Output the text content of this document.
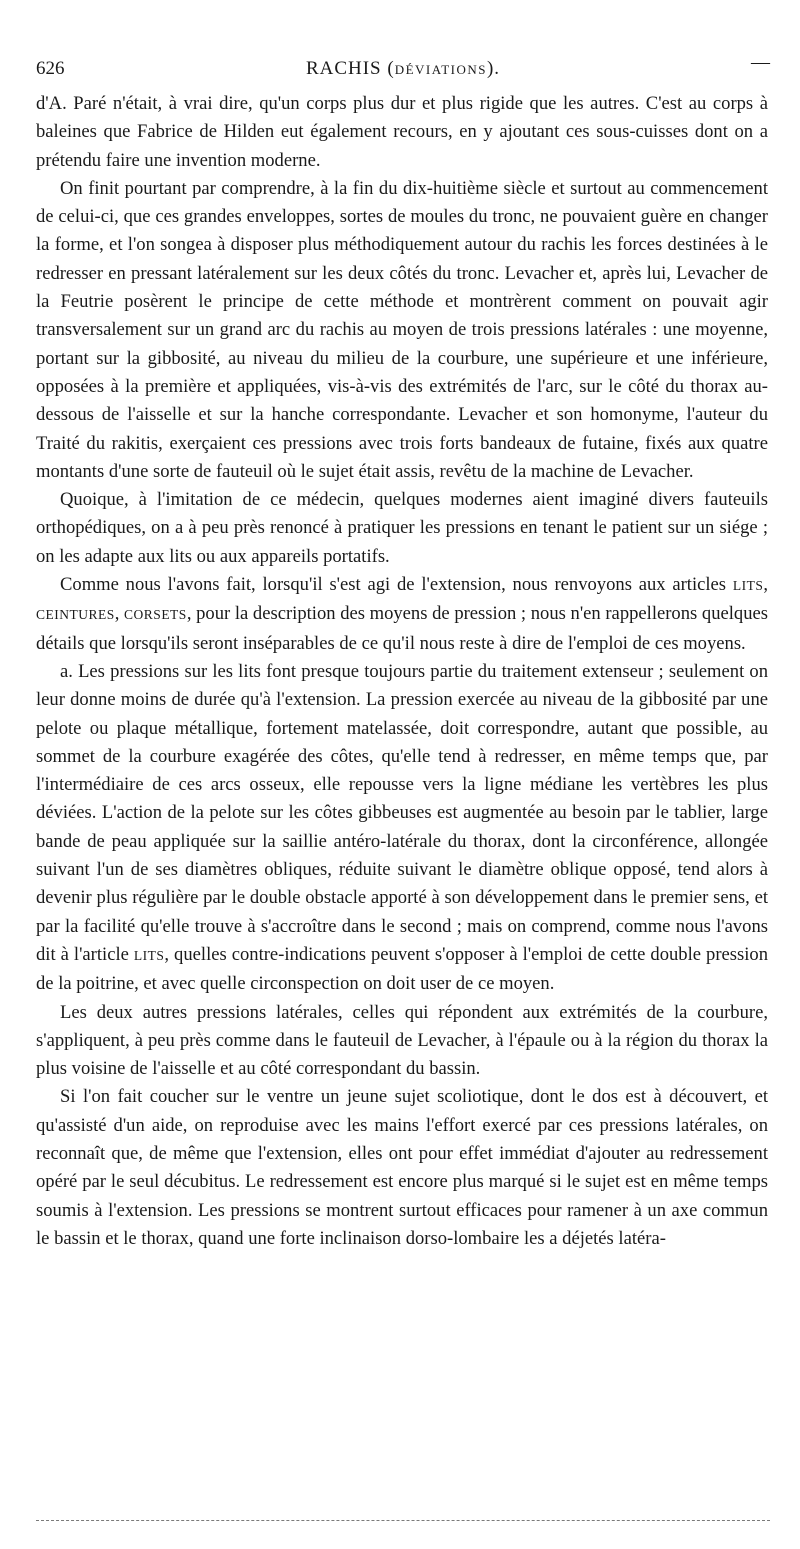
626	RACHIS (DÉVIATIONS).	—

d'A. Paré n'était, à vrai dire, qu'un corps plus dur et plus rigide que les autres. C'est au corps à baleines que Fabrice de Hilden eut également recours, en y ajoutant ces sous-cuisses dont on a prétendu faire une invention moderne.

On finit pourtant par comprendre, à la fin du dix-huitième siècle et surtout au commencement de celui-ci, que ces grandes enveloppes, sortes de moules du tronc, ne pouvaient guère en changer la forme, et l'on songea à disposer plus méthodiquement autour du rachis les forces destinées à le redresser en pressant latéralement sur les deux côtés du tronc. Levacher et, après lui, Levacher de la Feutrie posèrent le principe de cette méthode et montrèrent comment on pouvait agir transversalement sur un grand arc du rachis au moyen de trois pressions latérales : une moyenne, portant sur la gibbosité, au niveau du milieu de la courbure, une supérieure et une inférieure, opposées à la première et appliquées, vis-à-vis des extrémités de l'arc, sur le côté du thorax au-dessous de l'aisselle et sur la hanche correspondante. Levacher et son homonyme, l'auteur du Traité du rakitis, exerçaient ces pressions avec trois forts bandeaux de futaine, fixés aux quatre montants d'une sorte de fauteuil où le sujet était assis, revêtu de la machine de Levacher.

Quoique, à l'imitation de ce médecin, quelques modernes aient imaginé divers fauteuils orthopédiques, on a à peu près renoncé à pratiquer les pressions en tenant le patient sur un siége ; on les adapte aux lits ou aux appareils portatifs.

Comme nous l'avons fait, lorsqu'il s'est agi de l'extension, nous renvoyons aux articles LITS, CEINTURES, CORSETS, pour la description des moyens de pression ; nous n'en rappellerons quelques détails que lorsqu'ils seront inséparables de ce qu'il nous reste à dire de l'emploi de ces moyens.

a. Les pressions sur les lits font presque toujours partie du traitement extenseur ; seulement on leur donne moins de durée qu'à l'extension. La pression exercée au niveau de la gibbosité par une pelote ou plaque métallique, fortement matelassée, doit correspondre, autant que possible, au sommet de la courbure exagérée des côtes, qu'elle tend à redresser, en même temps que, par l'intermédiaire de ces arcs osseux, elle repousse vers la ligne médiane les vertèbres les plus déviées. L'action de la pelote sur les côtes gibbeuses est augmentée au besoin par le tablier, large bande de peau appliquée sur la saillie antéro-latérale du thorax, dont la circonférence, allongée suivant l'un de ses diamètres obliques, réduite suivant le diamètre oblique opposé, tend alors à devenir plus régulière par le double obstacle apporté à son développement dans le premier sens, et par la facilité qu'elle trouve à s'accroître dans le second ; mais on comprend, comme nous l'avons dit à l'article LITS, quelles contre-indications peuvent s'opposer à l'emploi de cette double pression de la poitrine, et avec quelle circonspection on doit user de ce moyen.

Les deux autres pressions latérales, celles qui répondent aux extrémités de la courbure, s'appliquent, à peu près comme dans le fauteuil de Levacher, à l'épaule ou à la région du thorax la plus voisine de l'aisselle et au côté correspondant du bassin.

Si l'on fait coucher sur le ventre un jeune sujet scoliotique, dont le dos est à découvert, et qu'assisté d'un aide, on reproduise avec les mains l'effort exercé par ces pressions latérales, on reconnaît que, de même que l'extension, elles ont pour effet immédiat d'ajouter au redressement opéré par le seul décubitus. Le redressement est encore plus marqué si le sujet est en même temps soumis à l'extension. Les pressions se montrent surtout efficaces pour ramener à un axe commun le bassin et le thorax, quand une forte inclinaison dorso-lombaire les a déjetés latéra-
